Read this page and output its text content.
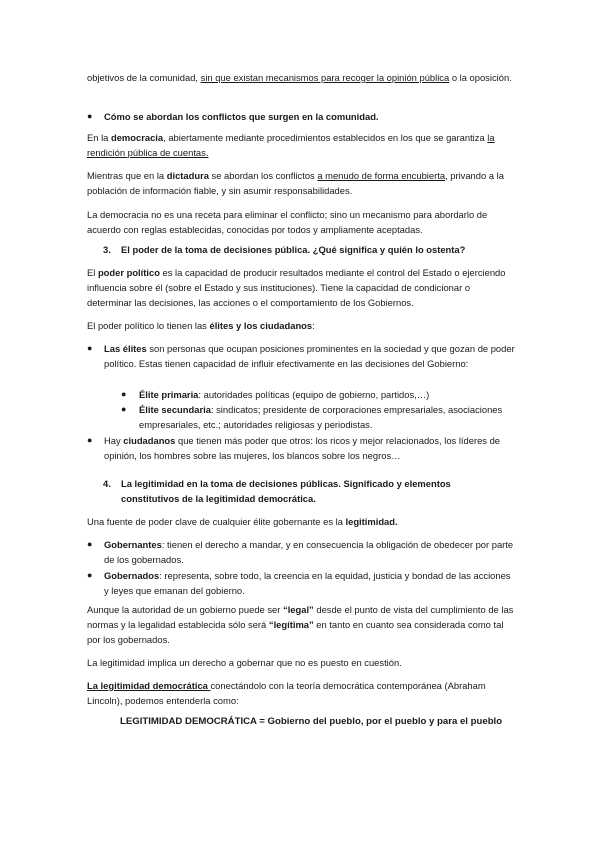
objetivos de la comunidad, sin que existan mecanismos para recoger la opinión pública o la oposición.

● Cómo se abordan los conflictos que surgen en la comunidad.

En la democracia, abiertamente mediante procedimientos establecidos en los que se garantiza la rendición pública de cuentas.

Mientras que en la dictadura se abordan los conflictos a menudo de forma encubierta, privando a la población de información fiable, y sin asumir responsabilidades.

La democracia no es una receta para eliminar el conflicto; sino un mecanismo para abordarlo de acuerdo con reglas establecidas, conocidas por todos y ampliamente aceptadas.

3. El poder de la toma de decisiones pública. ¿Qué significa y quién lo ostenta?

El poder político es la capacidad de producir resultados mediante el control del Estado o ejerciendo influencia sobre él (sobre el Estado y sus instituciones). Tiene la capacidad de condicionar o determinar las decisiones, las acciones o el comportamiento de los Gobiernos.

El poder político lo tienen las élites y los ciudadanos:

● Las élites son personas que ocupan posiciones prominentes en la sociedad y que gozan de poder político. Estas tienen capacidad de influir efectivamente en las decisiones del Gobierno:

● Élite primaria: autoridades políticas (equipo de gobierno, partidos,…)

● Élite secundaria: sindicatos; presidente de corporaciones empresariales, asociaciones empresariales, etc.; autoridades religiosas y periodistas.

● Hay ciudadanos que tienen más poder que otros: los ricos y mejor relacionados, los líderes de opinión, los hombres sobre las mujeres, los blancos sobre los negros…

4. La legitimidad en la toma de decisiones públicas. Significado y elementos constitutivos de la legitimidad democrática.

Una fuente de poder clave de cualquier élite gobernante es la legitimidad.

● Gobernantes: tienen el derecho a mandar, y en consecuencia la obligación de obedecer por parte de los gobernados.

● Gobernados: representa, sobre todo, la creencia en la equidad, justicia y bondad de las acciones y leyes que emanan del gobierno.

Aunque la autoridad de un gobierno puede ser “legal” desde el punto de vista del cumplimiento de las normas y la legalidad establecida sólo será “legítima” en tanto en cuanto sea considerada como tal por los gobernados.

La legitimidad implica un derecho a gobernar que no es puesto en cuestión.

La legitimidad democrática conectándolo con la teoría democrática contemporánea (Abraham Lincoln), podemos entenderla como:

LEGITIMIDAD DEMOCRÁTICA = Gobierno del pueblo, por el pueblo y para el pueblo
